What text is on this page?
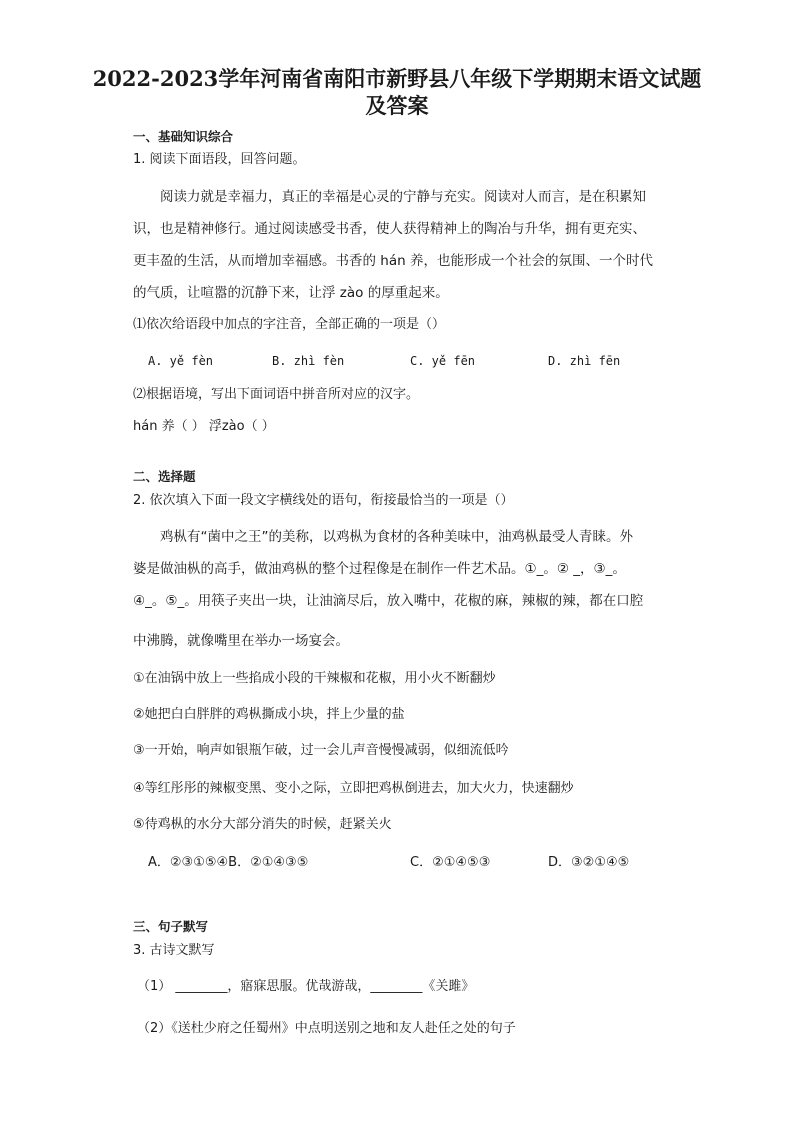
2022-2023学年河南省南阳市新野县八年级下学期期末语文试题
及答案
一、基础知识综合
1. 阅读下面语段，回答问题。
阅读力就是幸福力，真正的幸福是心灵的宁静与充实。阅读对人而言，是在积累知
识，也是精神修行。通过阅读感受书香，使人获得精神上的陶冶与升华，拥有更充实、
更丰盈的生活，从而增加幸福感。书香的 hán 养，也能形成一个社会的氛围、一个时代
的气质，让喧嚣的沉静下来，让浮 zào 的厚重起来。
⑴依次给语段中加点的字注音，全部正确的一项是（）
A. yě fèn	B. zhì fèn	C. yě fēn	D. zhì fēn
⑵根据语境，写出下面词语中拼音所对应的汉字。
hán 养（ ） 浮zào（ ）
二、选择题
2. 依次填入下面一段文字横线处的语句，衔接最恰当的一项是（）
鸡枞有“菌中之王”的美称，以鸡枞为食材的各种美味中，油鸡枞最受人青睐。外
婆是做油枞的高手，做油鸡枞的整个过程像是在制作一件艺术品。①_。② _，③_。
④_。⑤_。用筷子夹出一块，让油滴尽后，放入嘴中，花椒的麻，辣椒的辣，都在口腔
中沸腾，就像嘴里在举办一场宴会。
①在油锅中放上一些掐成小段的干辣椒和花椒，用小火不断翻炒
②她把白白胖胖的鸡枞撕成小块，拌上少量的盐
③一开始，响声如银瓶乍破，过一会儿声音慢慢减弱，似细流低吟
④等红彤彤的辣椒变黑、变小之际，立即把鸡枞倒进去，加大火力，快速翻炒
⑤待鸡枞的水分大部分消失的时候，赶紧关火
A．②③①⑤④B．②①④③⑤	C．②①④⑤③	D．③②①④⑤
三、句子默写
3. 古诗文默写
（1） ________，寤寐思服。优哉游哉，________《关雎》
（2）《送杜少府之任蜀州》中点明送别之地和友人赴任之处的句子
